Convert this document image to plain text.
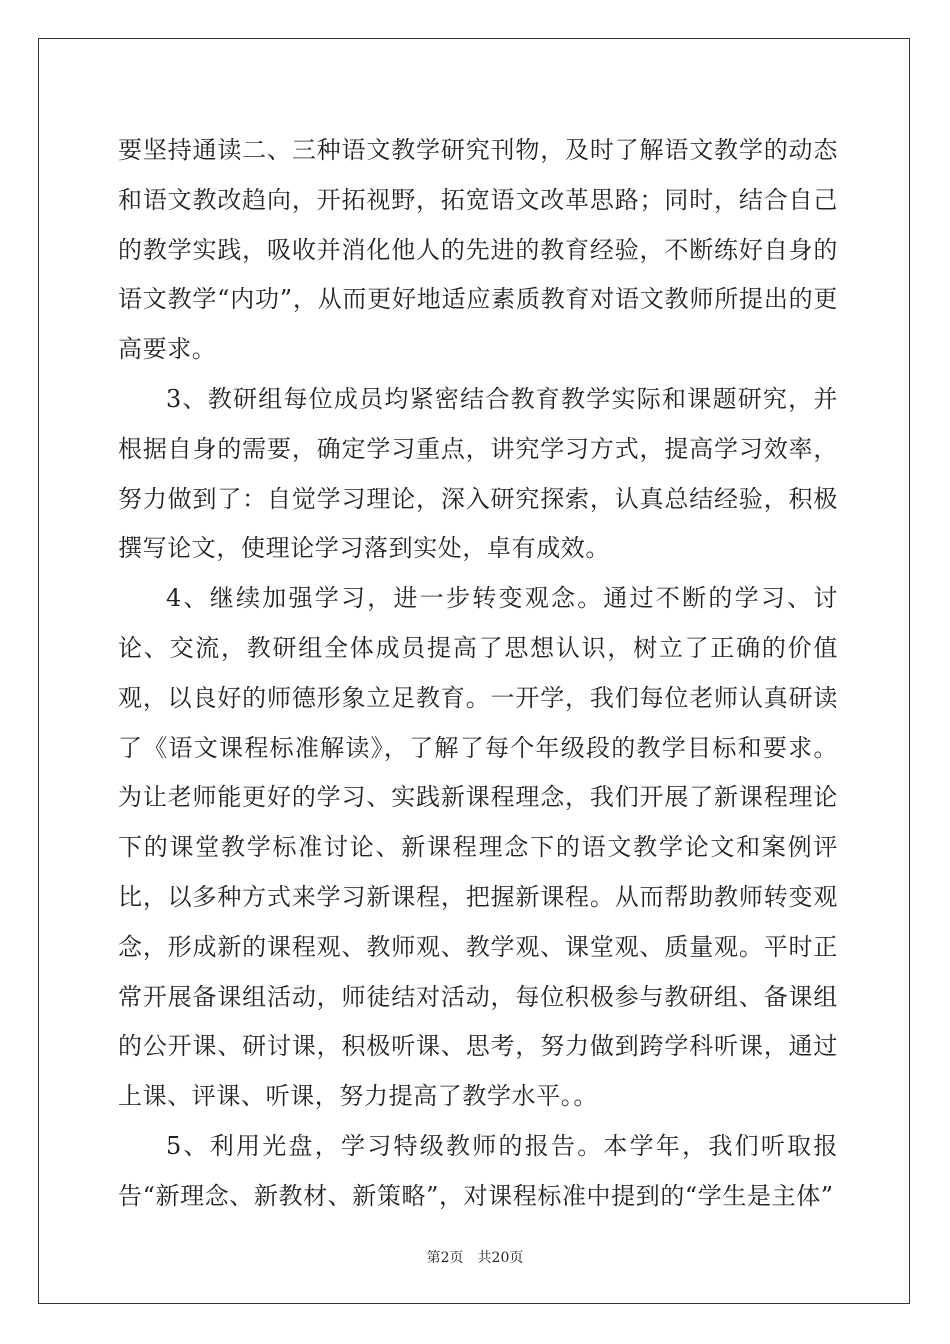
要坚持通读二、三种语文教学研究刊物，及时了解语文教学的动态和语文教改趋向，开拓视野，拓宽语文改革思路；同时，结合自己的教学实践，吸收并消化他人的先进的教育经验，不断练好自身的语文教学“内功”，从而更好地适应素质教育对语文教师所提出的更高要求。

3、教研组每位成员均紧密结合教育教学实际和课题研究，并根据自身的需要，确定学习重点，讲究学习方式，提高学习效率，努力做到了：自觉学习理论，深入研究探索，认真总结经验，积极撰写论文，使理论学习落到实处，卓有成效。

4、继续加强学习，进一步转变观念。通过不断的学习、讨论、交流，教研组全体成员提高了思想认识，树立了正确的价值观，以良好的师德形象立足教育。一开学，我们每位老师认真研读了《语文课程标准解读》，了解了每个年级段的教学目标和要求。为让老师能更好的学习、实践新课程理念，我们开展了新课程理论下的课堂教学标准讨论、新课程理念下的语文教学论文和案例评比，以多种方式来学习新课程，把握新课程。从而帮助教师转变观念，形成新的课程观、教师观、教学观、课堂观、质量观。平时正常开展备课组活动，师徒结对活动，每位积极参与教研组、备课组的公开课、研讨课，积极听课、思考，努力做到跨学科听课，通过上课、评课、听课，努力提高了教学水平。。

5、利用光盘，学习特级教师的报告。本学年，我们听取报告“新理念、新教材、新策略”，对课程标准中提到的“学生是主体”

第2页 共20页
